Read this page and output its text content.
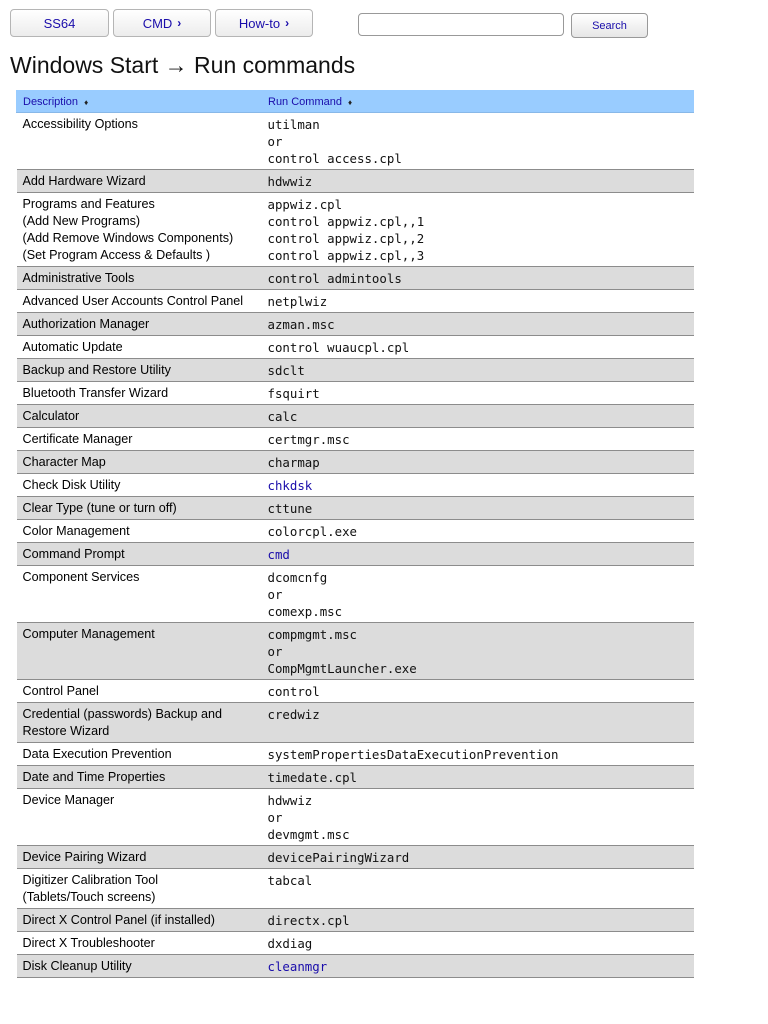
SS64	CMD ›	How-to ›	Search
Windows Start → Run commands
Description ♦	Run Command ♦

Accessibility Options	utilman
or
control access.cpl

Add Hardware Wizard	hdwwiz

Programs and Features
(Add New Programs)
(Add Remove Windows Components)
(Set Program Access & Defaults )	appwiz.cpl
control appwiz.cpl,,1
control appwiz.cpl,,2
control appwiz.cpl,,3

Administrative Tools	control admintools

Advanced User Accounts Control Panel	netplwiz

Authorization Manager	azman.msc

Automatic Update	control wuaucpl.cpl

Backup and Restore Utility	sdclt

Bluetooth Transfer Wizard	fsquirt

Calculator	calc

Certificate Manager	certmgr.msc

Character Map	charmap

Check Disk Utility	chkdsk

Clear Type (tune or turn off)	cttune

Color Management	colorcpl.exe

Command Prompt	cmd

Component Services	dcomcnfg
or
comexp.msc

Computer Management	compmgmt.msc
or
CompMgmtLauncher.exe

Control Panel	control

Credential (passwords) Backup and
Restore Wizard	credwiz

Data Execution Prevention	systemPropertiesDataExecutionPrevention

Date and Time Properties	timedate.cpl

Device Manager	hdwwiz
or
devmgmt.msc

Device Pairing Wizard	devicePairingWizard

Digitizer Calibration Tool
(Tablets/Touch screens)	tabcal

Direct X Control Panel (if installed)	directx.cpl

Direct X Troubleshooter	dxdiag

Disk Cleanup Utility	cleanmgr
